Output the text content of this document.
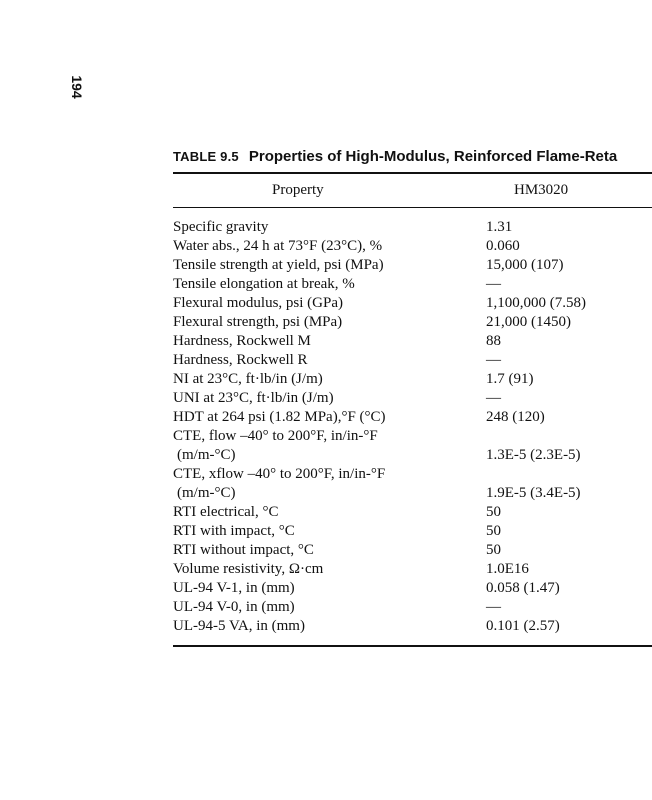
194
TABLE 9.5 Properties of High-Modulus, Reinforced Flame-Reta
Property	HM3020
Specific gravity	1.31
Water abs., 24 h at 73°F (23°C), %	0.060
Tensile strength at yield, psi (MPa)	15,000 (107)
Tensile elongation at break, %	—
Flexural modulus, psi (GPa)	1,100,000 (7.58)
Flexural strength, psi (MPa)	21,000 (1450)
Hardness, Rockwell M	88
Hardness, Rockwell R	—
NI at 23°C, ft·lb/in (J/m)	1.7 (91)
UNI at 23°C, ft·lb/in (J/m)	—
HDT at 264 psi (1.82 MPa),°F (°C)	248 (120)
CTE, flow –40° to 200°F, in/in-°F
(m/m-°C)	1.3E-5 (2.3E-5)
CTE, xflow –40° to 200°F, in/in-°F
(m/m-°C)	1.9E-5 (3.4E-5)
RTI electrical, °C	50
RTI with impact, °C	50
RTI without impact, °C	50
Volume resistivity, Ω·cm	1.0E16
UL-94 V-1, in (mm)	0.058 (1.47)
UL-94 V-0, in (mm)	—
UL-94-5 VA, in (mm)	0.101 (2.57)
